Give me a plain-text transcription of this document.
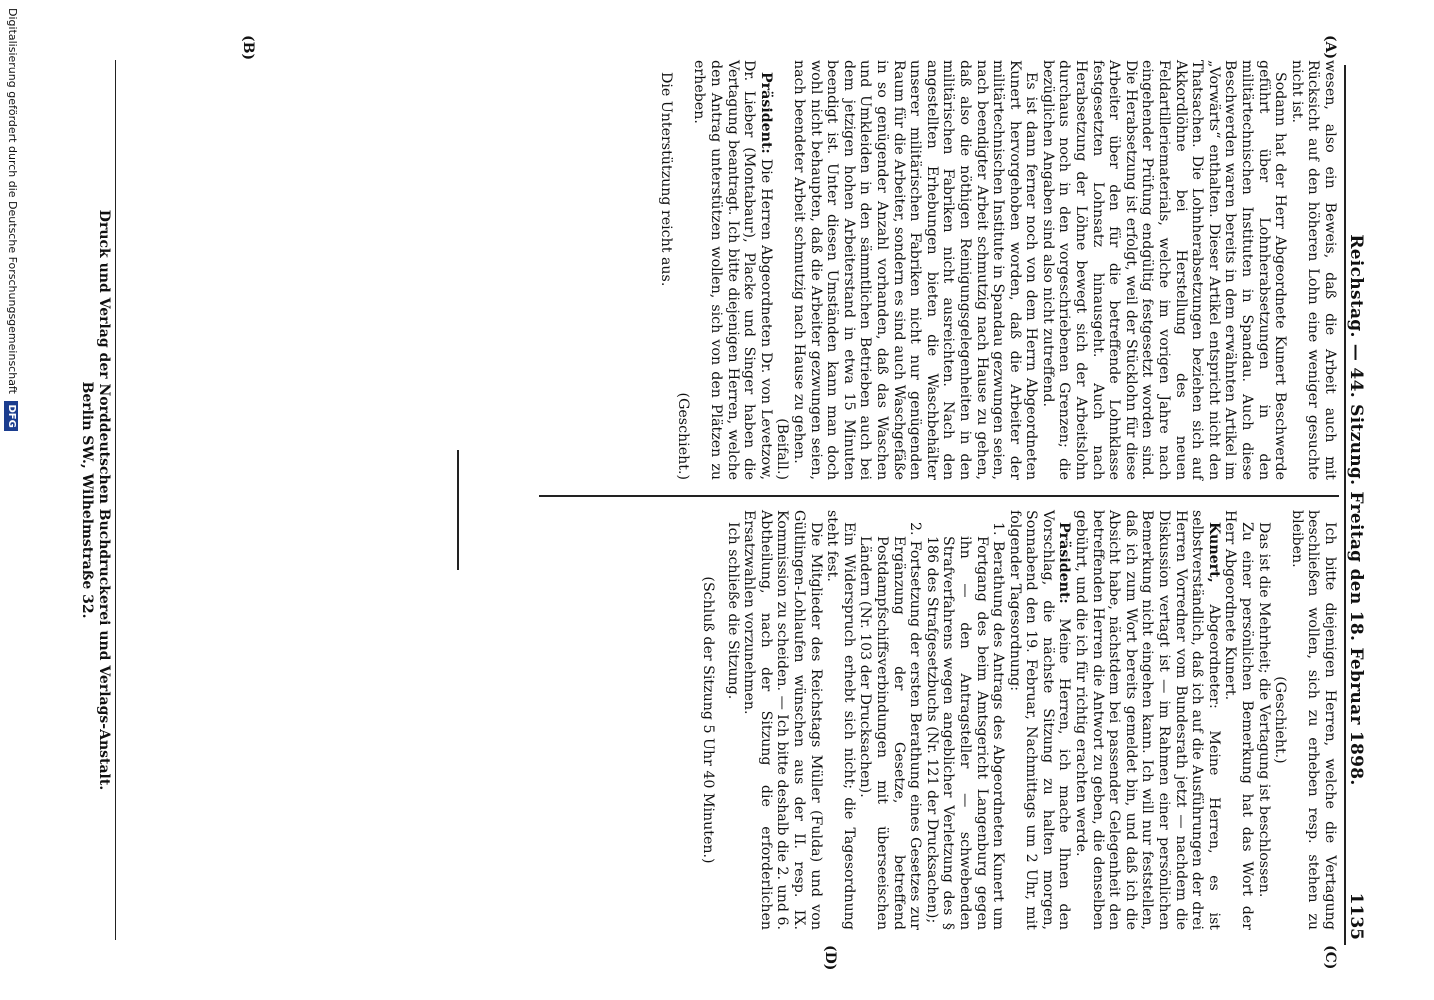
Reichstag. — 44. Sitzung. Freitag den 18. Februar 1898.
1135
(A)
(B)
(C)
(D)

wesen, also ein Beweis, daß die Arbeit auch mit Rücksicht auf den höheren Lohn eine weniger gesuchte nicht ist.

Sodann hat der Herr Abgeordnete Kunert Beschwerde geführt über Lohnherabsetzungen in den militärtechnischen Instituten in Spandau. Auch diese Beschwerden waren bereits in dem erwähnten Artikel im „Vorwärts“ enthalten. Dieser Artikel entspricht nicht den Thatsachen. Die Lohnherabsetzungen beziehen sich auf Akkordlöhne bei Herstellung des neuen Feldartilleriematerials, welche im vorigen Jahre nach eingehender Prüfung endgültig festgesetzt worden sind. Die Herabsetzung ist erfolgt, weil der Stücklohn für diese Arbeiter über den für die betreffende Lohnklasse festgesetzten Lohnsatz hinausgeht. Auch nach Herabsetzung der Löhne bewegt sich der Arbeitslohn durchaus noch in den vorgeschriebenen Grenzen; die bezüglichen Angaben sind also nicht zutreffend.

Es ist dann ferner noch von dem Herrn Abgeordneten Kunert hervorgehoben worden, daß die Arbeiter der militärtechnischen Institute in Spandau gezwungen seien, nach beendigter Arbeit schmutzig nach Hause zu gehen, daß also die nöthigen Reinigungsgelegenheiten in den militärischen Fabriken nicht ausreichten. Nach den angestellten Erhebungen bieten die Waschbehälter unserer militärischen Fabriken nicht nur genügenden Raum für die Arbeiter, sondern es sind auch Waschgefäße in so genügender Anzahl vorhanden, daß das Waschen und Umkleiden in den sämmtlichen Betrieben auch bei dem jetzigen hohen Arbeiterstand in etwa 15 Minuten beendigt ist. Unter diesen Umständen kann man doch wohl nicht behaupten, daß die Arbeiter gezwungen seien, nach beendeter Arbeit schmutzig nach Hause zu gehen.

(Beifall.)

Präsident: Die Herren Abgeordneten Dr. von Levetzow, Dr. Lieber (Montabaur), Placke und Singer haben die Vertagung beantragt. Ich bitte diejenigen Herren, welche den Antrag unterstützen wollen, sich von den Plätzen zu erheben.

(Geschieht.)

Die Unterstützung reicht aus.

Ich bitte diejenigen Herren, welche die Vertagung beschließen wollen, sich zu erheben resp. stehen zu bleiben.

(Geschieht.)

Das ist die Mehrheit; die Vertagung ist beschlossen.

Zu einer persönlichen Bemerkung hat das Wort der Herr Abgeordnete Kunert.

Kunert, Abgeordneter: Meine Herren, es ist selbstverständlich, daß ich auf die Ausführungen der drei Herren Vorredner vom Bundesrath jetzt — nachdem die Diskussion vertagt ist — im Rahmen einer persönlichen Bemerkung nicht eingehen kann. Ich will nur feststellen, daß ich zum Wort bereits gemeldet bin, und daß ich die Absicht habe, nächstdem bei passender Gelegenheit den betreffenden Herren die Antwort zu geben, die denselben gebührt, und die ich für richtig erachten werde.

Präsident: Meine Herren, ich mache Ihnen den Vorschlag, die nächste Sitzung zu halten morgen, Sonnabend den 19. Februar, Nachmittags um 2 Uhr, mit folgender Tagesordnung:

1. Berathung des Antrags des Abgeordneten Kunert um Fortgang des beim Amtsgericht Langenburg gegen ihn — den Antragsteller — schwebenden Strafverfahrens wegen angeblicher Verletzung des § 186 des Strafgesetzbuchs (Nr. 121 der Drucksachen);

2. Fortsetzung der ersten Berathung eines Gesetzes zur Ergänzung der Gesetze, betreffend Postdampfschiffsverbindungen mit überseeischen Ländern (Nr. 103 der Drucksachen).

Ein Widerspruch erhebt sich nicht; die Tagesordnung steht fest.

Die Mitglieder des Reichstags Müller (Fulda) und von Gültlingen-Lohlaufen wünschen aus der II. resp. IX. Kommission zu scheiden. — Ich bitte deshalb die 2. und 6. Abtheilung, nach der Sitzung die erforderlichen Ersatzwahlen vorzunehmen.

Ich schließe die Sitzung.

(Schluß der Sitzung 5 Uhr 40 Minuten.)

Druck und Verlag der Norddeutschen Buchdruckerei und Verlags-Anstalt.
Berlin SW., Wilhelmstraße 32.
Digitalisierung gefördert durch die Deutsche Forschungsgemeinschaft DFG
